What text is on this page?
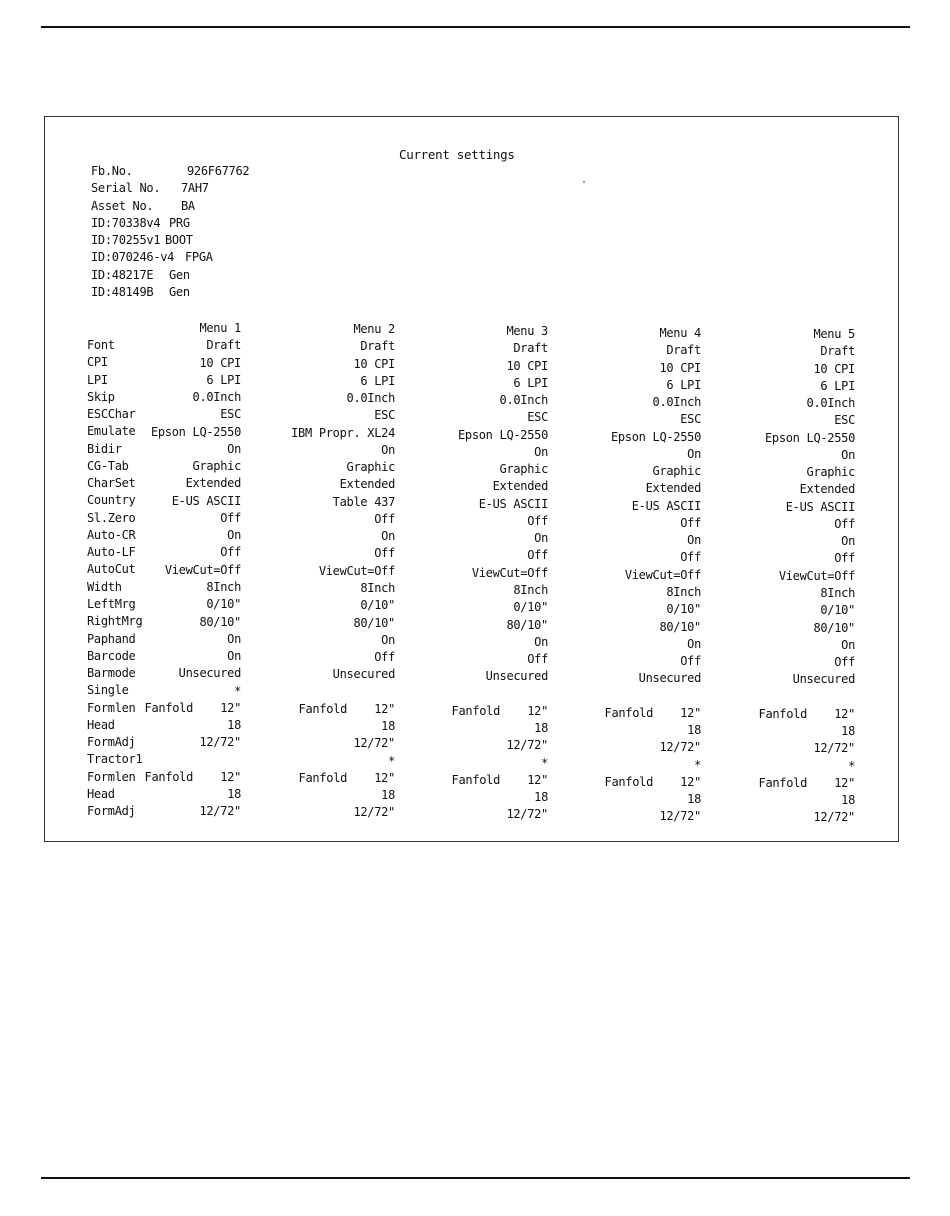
Current settings
Fb.No.	926F67762
Serial No. 7AH7
Asset No. BA
ID:70338v4 PRG
ID:70255v1 BOOT
ID:070246-v4 FPGA
ID:48217E Gen
ID:48149B Gen
Font
CPI
LPI
Skip
ESCChar
Emulate
Bidir
CG-Tab
CharSet
Country
Sl.Zero
Auto-CR
Auto-LF
AutoCut
Width
LeftMrg
RightMrg
Paphand
Barcode
Barmode
Single
Formlen
Head
FormAdj
Tractor1
Formlen
Head
FormAdj
Menu 1
Draft
10 CPI
6 LPI
0.0Inch
ESC
Epson LQ-2550
On
Graphic
Extended
E-US ASCII
Off
On
Off
ViewCut=Off
8Inch
0/10"
80/10"
On
On
Unsecured
*
Fanfold 12"
18
12/72"

Fanfold 12"
18
12/72"
Menu 2
Draft
10 CPI
6 LPI
0.0Inch
ESC
IBM Propr. XL24
On
Graphic
Extended
Table 437
Off
On
Off
ViewCut=Off
8Inch
0/10"
80/10"
On
Off
Unsecured

Fanfold 12"
18
12/72"
*
Fanfold 12"
18
12/72"
Menu 3
Draft
10 CPI
6 LPI
0.0Inch
ESC
Epson LQ-2550
On
Graphic
Extended
E-US ASCII
Off
On
Off
ViewCut=Off
8Inch
0/10"
80/10"
On
Off
Unsecured

Fanfold 12"
18
12/72"
*
Fanfold 12"
18
12/72"
Menu 4
Draft
10 CPI
6 LPI
0.0Inch
ESC
Epson LQ-2550
On
Graphic
Extended
E-US ASCII
Off
On
Off
ViewCut=Off
8Inch
0/10"
80/10"
On
Off
Unsecured

Fanfold 12"
18
12/72"
*
Fanfold 12"
18
12/72"
Menu 5
Draft
10 CPI
6 LPI
0.0Inch
ESC
Epson LQ-2550
On
Graphic
Extended
E-US ASCII
Off
On
Off
ViewCut=Off
8Inch
0/10"
80/10"
On
Off
Unsecured

Fanfold 12"
18
12/72"
*
Fanfold 12"
18
12/72"
